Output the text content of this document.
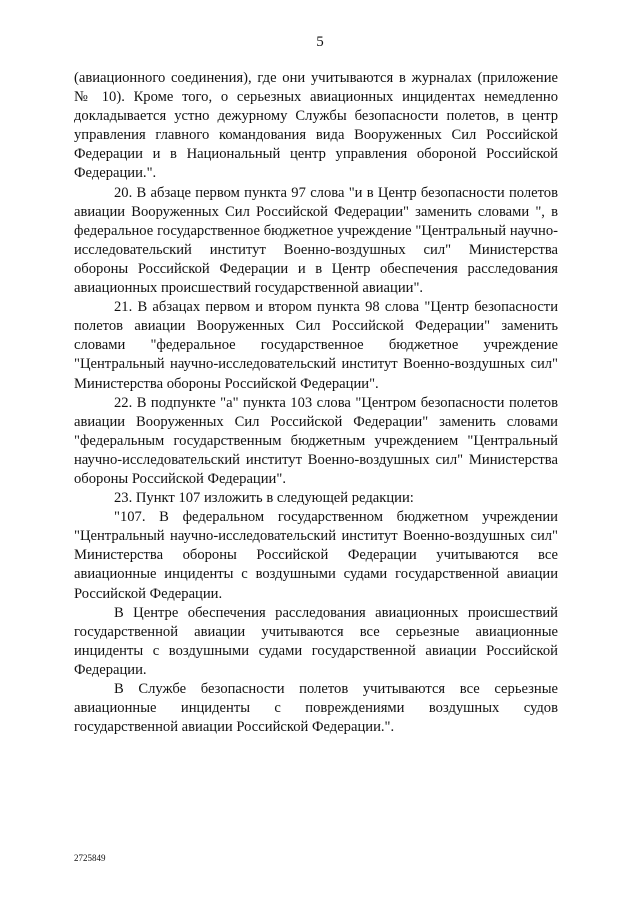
5

(авиационного соединения), где они учитываются в журналах (приложение № 10). Кроме того, о серьезных авиационных инцидентах немедленно докладывается устно дежурному Службы безопасности полетов, в центр управления главного командования вида Вооруженных Сил Российской Федерации и в Национальный центр управления обороной Российской Федерации.".

20. В абзаце первом пункта 97 слова "и в Центр безопасности полетов авиации Вооруженных Сил Российской Федерации" заменить словами ", в федеральное государственное бюджетное учреждение "Центральный научно-исследовательский институт Военно-воздушных сил" Министерства обороны Российской Федерации и в Центр обеспечения расследования авиационных происшествий государственной авиации".

21. В абзацах первом и втором пункта 98 слова "Центр безопасности полетов авиации Вооруженных Сил Российской Федерации" заменить словами "федеральное государственное бюджетное учреждение "Центральный научно-исследовательский институт Военно-воздушных сил" Министерства обороны Российской Федерации".

22. В подпункте "а" пункта 103 слова "Центром безопасности полетов авиации Вооруженных Сил Российской Федерации" заменить словами "федеральным государственным бюджетным учреждением "Центральный научно-исследовательский институт Военно-воздушных сил" Министерства обороны Российской Федерации".

23. Пункт 107 изложить в следующей редакции:

"107. В федеральном государственном бюджетном учреждении "Центральный научно-исследовательский институт Военно-воздушных сил" Министерства обороны Российской Федерации учитываются все авиационные инциденты с воздушными судами государственной авиации Российской Федерации.

В Центре обеспечения расследования авиационных происшествий государственной авиации учитываются все серьезные авиационные инциденты с воздушными судами государственной авиации Российской Федерации.

В Службе безопасности полетов учитываются все серьезные авиационные инциденты с повреждениями воздушных судов государственной авиации Российской Федерации.".

2725849
